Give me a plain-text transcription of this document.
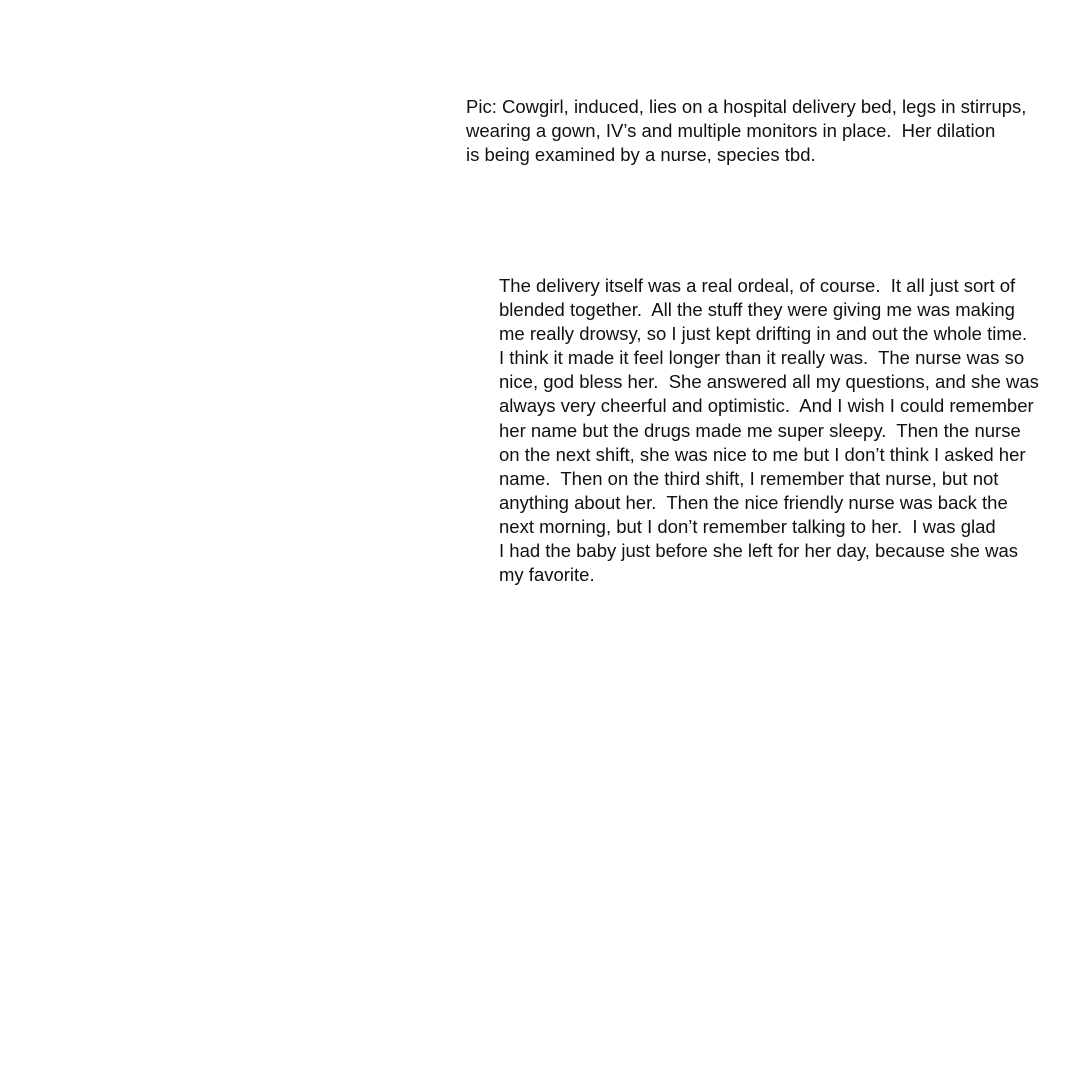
Pic: Cowgirl, induced, lies on a hospital delivery bed, legs in stirrups,
wearing a gown, IV’s and multiple monitors in place.  Her dilation
is being examined by a nurse, species tbd.
The delivery itself was a real ordeal, of course.  It all just sort of
blended together.  All the stuff they were giving me was making
me really drowsy, so I just kept drifting in and out the whole time.
I think it made it feel longer than it really was.  The nurse was so
nice, god bless her.  She answered all my questions, and she was
always very cheerful and optimistic.  And I wish I could remember
her name but the drugs made me super sleepy.  Then the nurse
on the next shift, she was nice to me but I don’t think I asked her
name.  Then on the third shift, I remember that nurse, but not
anything about her.  Then the nice friendly nurse was back the
next morning, but I don’t remember talking to her.  I was glad
I had the baby just before she left for her day, because she was
my favorite.
